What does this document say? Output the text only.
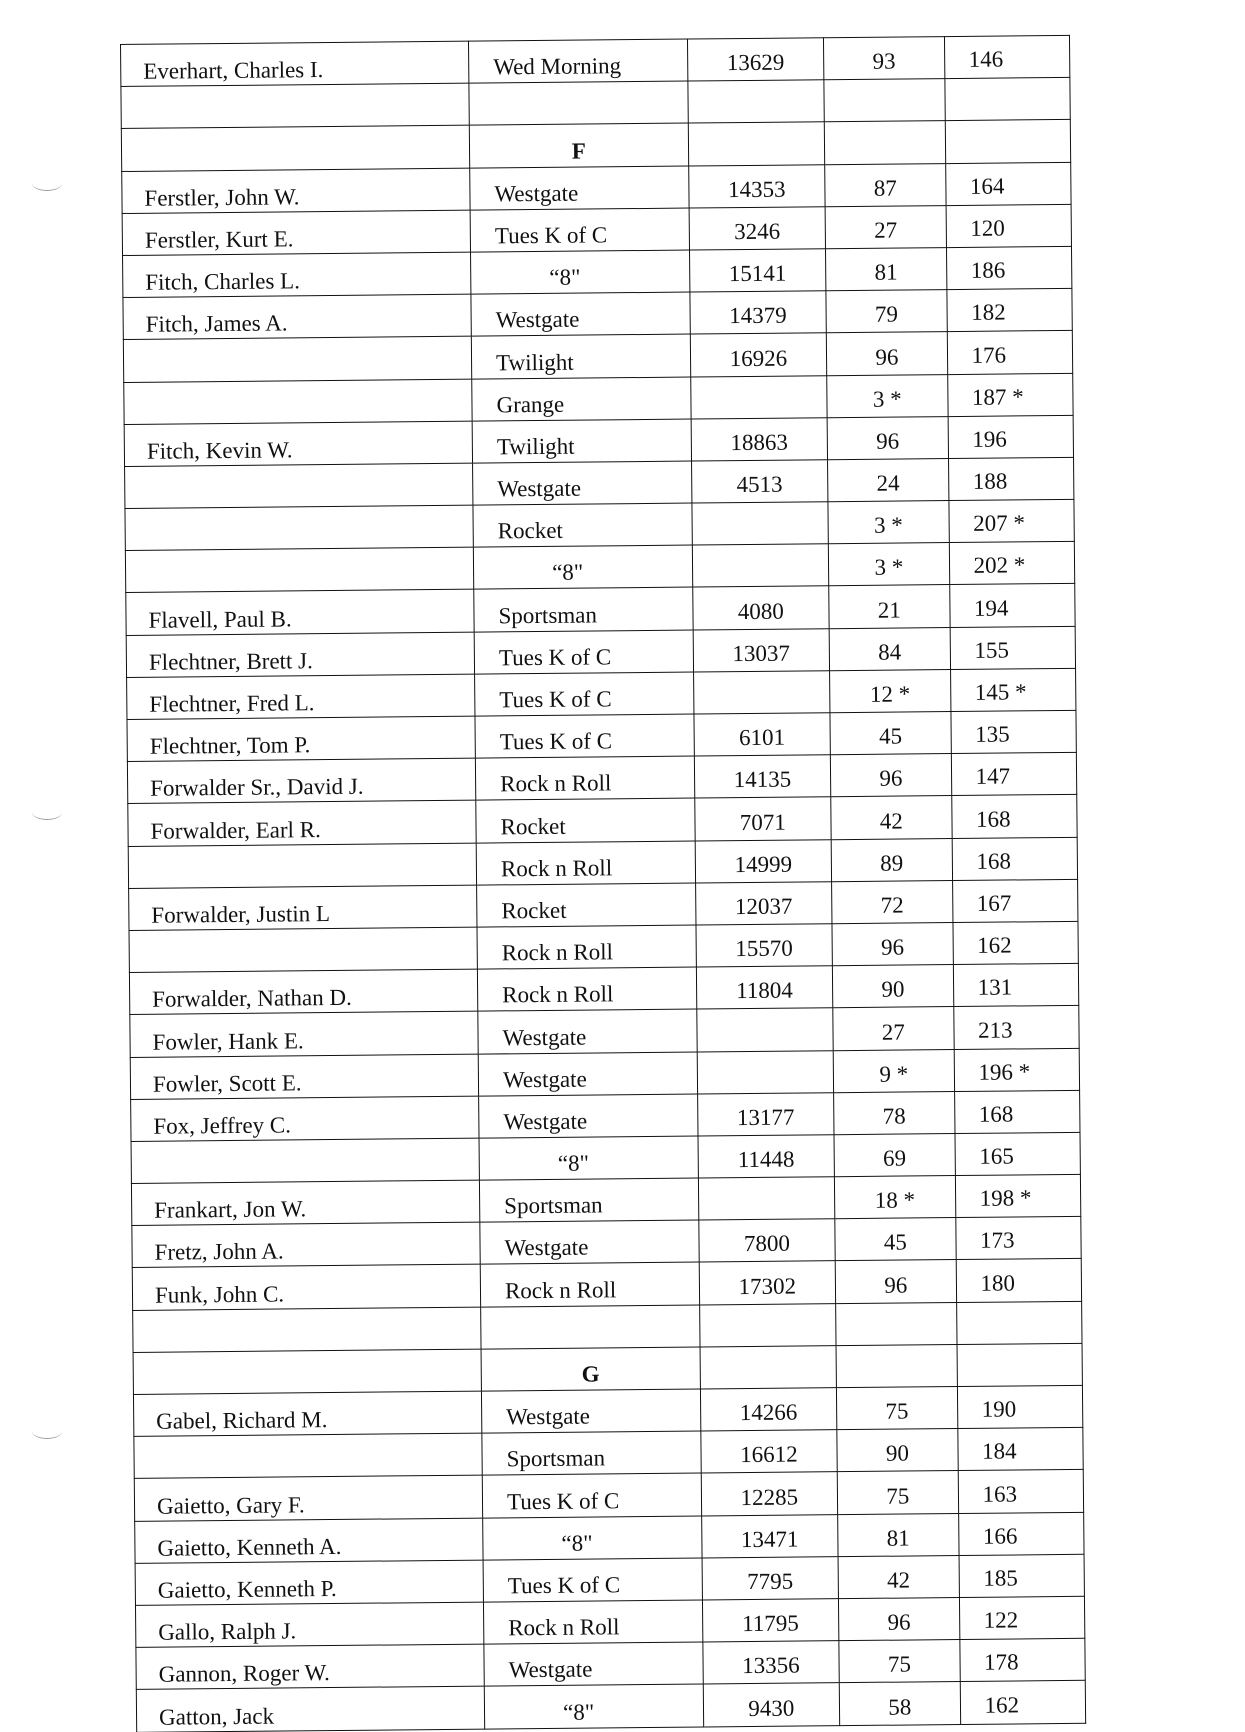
Everhart, Charles I.	Wed Morning	13629	93	146

	F			
Ferstler, John W.	Westgate	14353	87	164
Ferstler, Kurt E.	Tues K of C	3246	27	120
Fitch, Charles L.	“8"	15141	81	186
Fitch, James A.	Westgate	14379	79	182
	Twilight	16926	96	176
	Grange		3 *	187 *
Fitch, Kevin W.	Twilight	18863	96	196
	Westgate	4513	24	188
	Rocket		3 *	207 *
	“8"		3 *	202 *
Flavell, Paul B.	Sportsman	4080	21	194
Flechtner, Brett J.	Tues K of C	13037	84	155
Flechtner, Fred L.	Tues K of C		12 *	145 *
Flechtner, Tom P.	Tues K of C	6101	45	135
Forwalder Sr., David J.	Rock n Roll	14135	96	147
Forwalder, Earl R.	Rocket	7071	42	168
	Rock n Roll	14999	89	168
Forwalder, Justin L	Rocket	12037	72	167
	Rock n Roll	15570	96	162
Forwalder, Nathan D.	Rock n Roll	11804	90	131
Fowler, Hank E.	Westgate		27	213
Fowler, Scott E.	Westgate		9 *	196 *
Fox, Jeffrey C.	Westgate	13177	78	168
	“8"	11448	69	165
Frankart, Jon W.	Sportsman		18 *	198 *
Fretz, John A.	Westgate	7800	45	173
Funk, John C.	Rock n Roll	17302	96	180

	G			
Gabel, Richard M.	Westgate	14266	75	190
	Sportsman	16612	90	184
Gaietto, Gary F.	Tues K of C	12285	75	163
Gaietto, Kenneth A.	“8"	13471	81	166
Gaietto, Kenneth P.	Tues K of C	7795	42	185
Gallo, Ralph J.	Rock n Roll	11795	96	122
Gannon, Roger W.	Westgate	13356	75	178
Gatton, Jack	“8"	9430	58	162
